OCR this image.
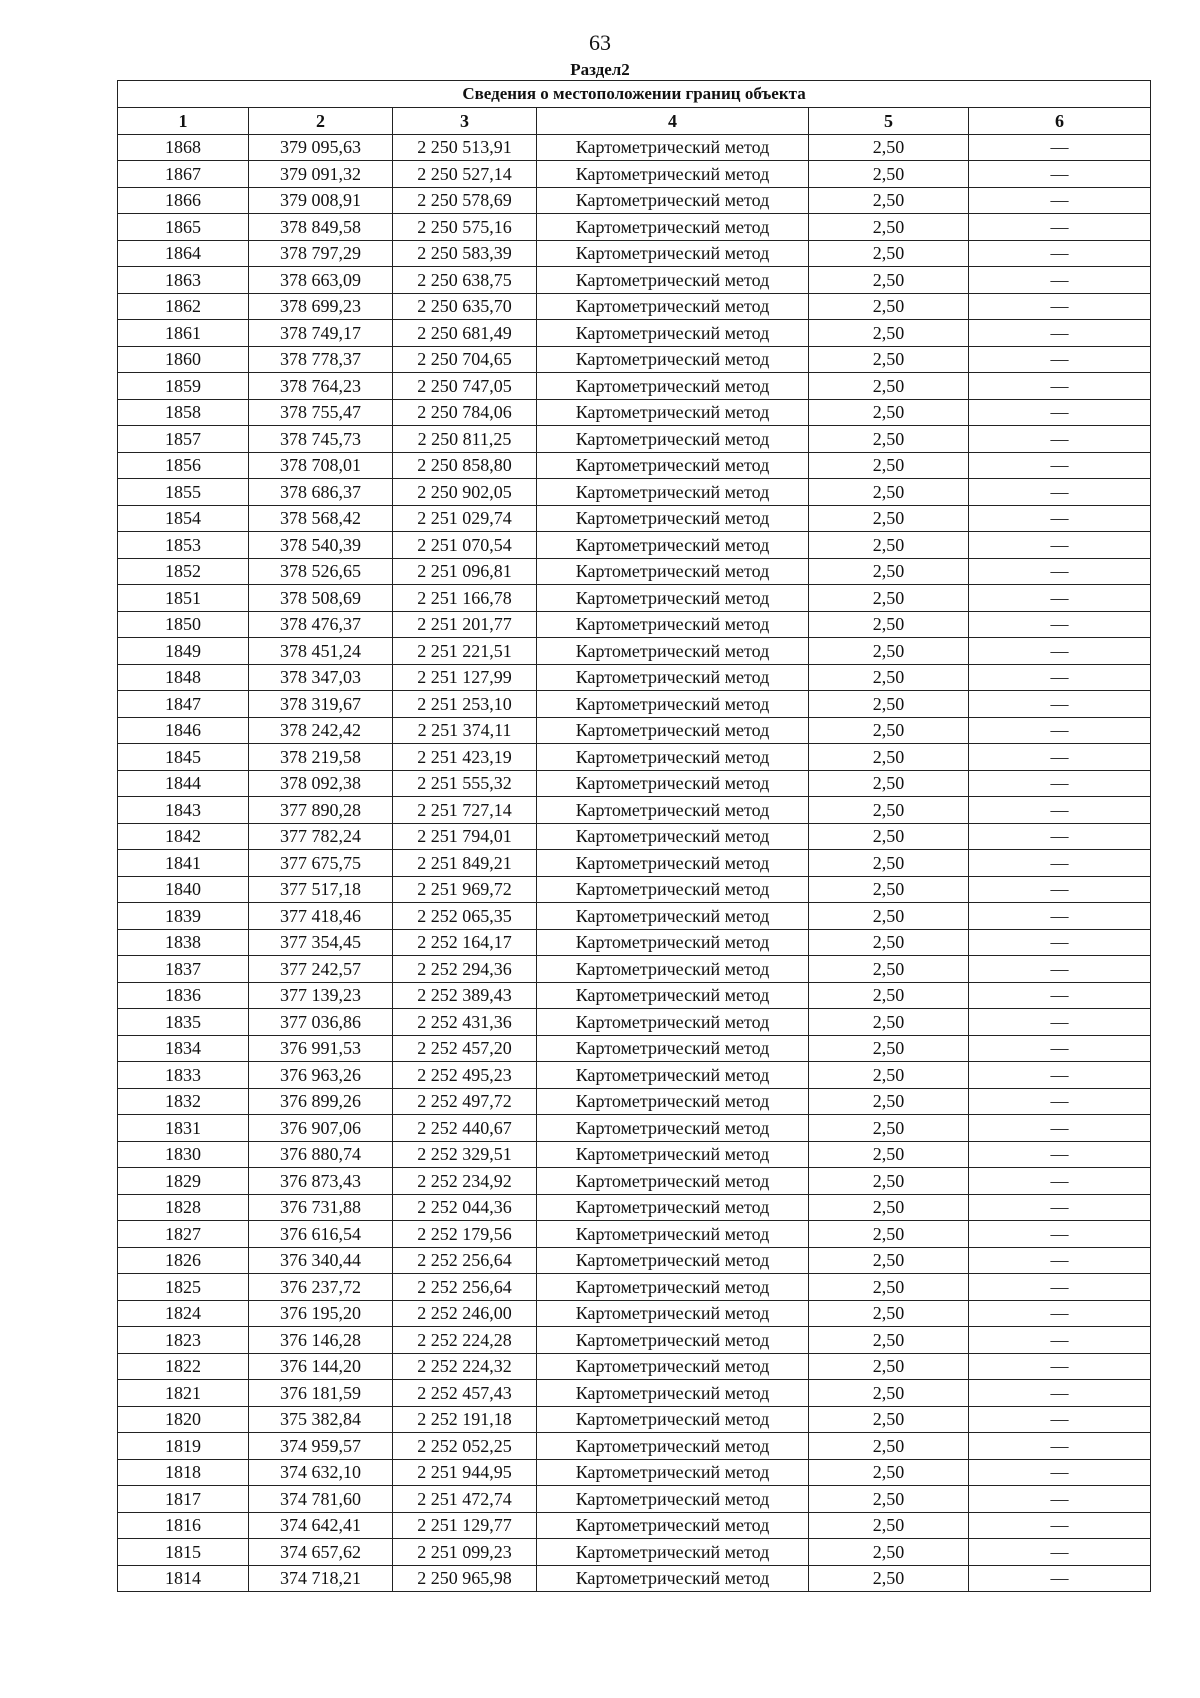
63
Раздел2
Сведения о местоположении границ объекта					
1	2	3	4	5	6
1868	379 095,63	2 250 513,91	Картометрический метод	2,50	—
1867	379 091,32	2 250 527,14	Картометрический метод	2,50	—
1866	379 008,91	2 250 578,69	Картометрический метод	2,50	—
1865	378 849,58	2 250 575,16	Картометрический метод	2,50	—
1864	378 797,29	2 250 583,39	Картометрический метод	2,50	—
1863	378 663,09	2 250 638,75	Картометрический метод	2,50	—
1862	378 699,23	2 250 635,70	Картометрический метод	2,50	—
1861	378 749,17	2 250 681,49	Картометрический метод	2,50	—
1860	378 778,37	2 250 704,65	Картометрический метод	2,50	—
1859	378 764,23	2 250 747,05	Картометрический метод	2,50	—
1858	378 755,47	2 250 784,06	Картометрический метод	2,50	—
1857	378 745,73	2 250 811,25	Картометрический метод	2,50	—
1856	378 708,01	2 250 858,80	Картометрический метод	2,50	—
1855	378 686,37	2 250 902,05	Картометрический метод	2,50	—
1854	378 568,42	2 251 029,74	Картометрический метод	2,50	—
1853	378 540,39	2 251 070,54	Картометрический метод	2,50	—
1852	378 526,65	2 251 096,81	Картометрический метод	2,50	—
1851	378 508,69	2 251 166,78	Картометрический метод	2,50	—
1850	378 476,37	2 251 201,77	Картометрический метод	2,50	—
1849	378 451,24	2 251 221,51	Картометрический метод	2,50	—
1848	378 347,03	2 251 127,99	Картометрический метод	2,50	—
1847	378 319,67	2 251 253,10	Картометрический метод	2,50	—
1846	378 242,42	2 251 374,11	Картометрический метод	2,50	—
1845	378 219,58	2 251 423,19	Картометрический метод	2,50	—
1844	378 092,38	2 251 555,32	Картометрический метод	2,50	—
1843	377 890,28	2 251 727,14	Картометрический метод	2,50	—
1842	377 782,24	2 251 794,01	Картометрический метод	2,50	—
1841	377 675,75	2 251 849,21	Картометрический метод	2,50	—
1840	377 517,18	2 251 969,72	Картометрический метод	2,50	—
1839	377 418,46	2 252 065,35	Картометрический метод	2,50	—
1838	377 354,45	2 252 164,17	Картометрический метод	2,50	—
1837	377 242,57	2 252 294,36	Картометрический метод	2,50	—
1836	377 139,23	2 252 389,43	Картометрический метод	2,50	—
1835	377 036,86	2 252 431,36	Картометрический метод	2,50	—
1834	376 991,53	2 252 457,20	Картометрический метод	2,50	—
1833	376 963,26	2 252 495,23	Картометрический метод	2,50	—
1832	376 899,26	2 252 497,72	Картометрический метод	2,50	—
1831	376 907,06	2 252 440,67	Картометрический метод	2,50	—
1830	376 880,74	2 252 329,51	Картометрический метод	2,50	—
1829	376 873,43	2 252 234,92	Картометрический метод	2,50	—
1828	376 731,88	2 252 044,36	Картометрический метод	2,50	—
1827	376 616,54	2 252 179,56	Картометрический метод	2,50	—
1826	376 340,44	2 252 256,64	Картометрический метод	2,50	—
1825	376 237,72	2 252 256,64	Картометрический метод	2,50	—
1824	376 195,20	2 252 246,00	Картометрический метод	2,50	—
1823	376 146,28	2 252 224,28	Картометрический метод	2,50	—
1822	376 144,20	2 252 224,32	Картометрический метод	2,50	—
1821	376 181,59	2 252 457,43	Картометрический метод	2,50	—
1820	375 382,84	2 252 191,18	Картометрический метод	2,50	—
1819	374 959,57	2 252 052,25	Картометрический метод	2,50	—
1818	374 632,10	2 251 944,95	Картометрический метод	2,50	—
1817	374 781,60	2 251 472,74	Картометрический метод	2,50	—
1816	374 642,41	2 251 129,77	Картометрический метод	2,50	—
1815	374 657,62	2 251 099,23	Картометрический метод	2,50	—
1814	374 718,21	2 250 965,98	Картометрический метод	2,50	—
